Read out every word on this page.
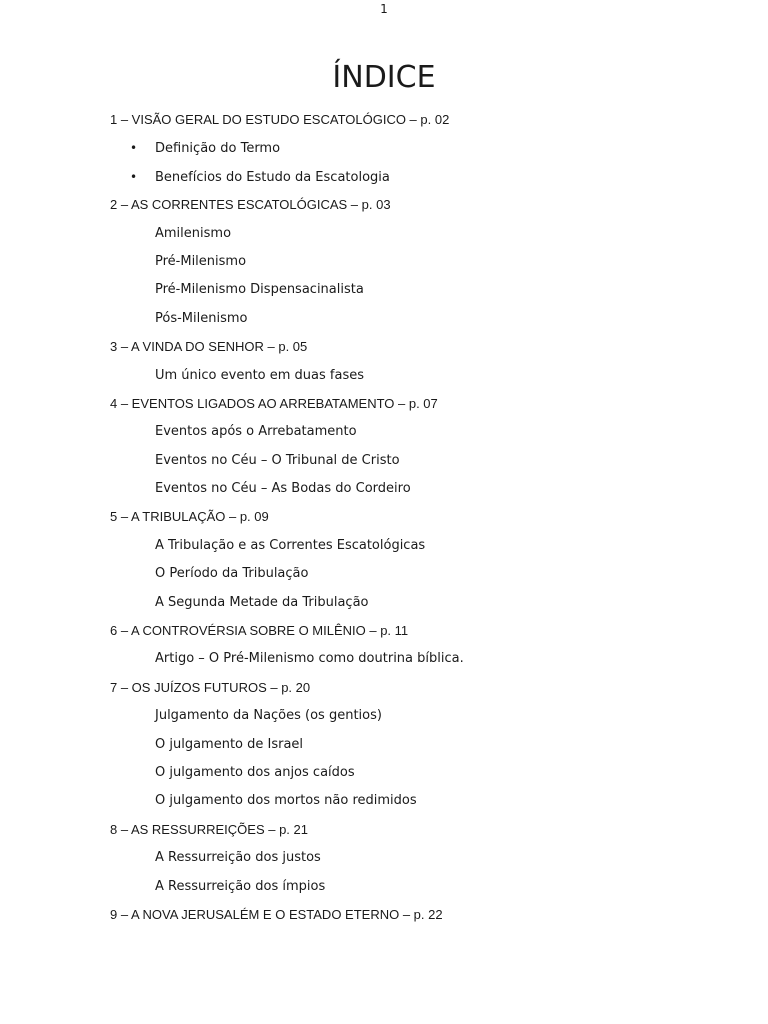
1
ÍNDICE
1 – VISÃO GERAL DO ESTUDO ESCATOLÓGICO – p. 02
• Definição do Termo
• Benefícios do Estudo da Escatologia
2 – AS CORRENTES ESCATOLÓGICAS – p. 03
Amilenismo
Pré-Milenismo
Pré-Milenismo Dispensacinalista
Pós-Milenismo
3 – A VINDA DO SENHOR – p. 05
Um único evento em duas fases
4 – EVENTOS LIGADOS AO ARREBATAMENTO – p. 07
Eventos após o Arrebatamento
Eventos no Céu – O Tribunal de Cristo
Eventos no Céu – As Bodas do Cordeiro
5 – A TRIBULAÇÃO – p. 09
A Tribulação e as Correntes Escatológicas
O Período da Tribulação
A Segunda Metade da Tribulação
6 – A CONTROVÉRSIA SOBRE O MILÊNIO – p. 11
Artigo – O Pré-Milenismo como doutrina bíblica.
7 – OS JUÍZOS FUTUROS – p. 20
Julgamento da Nações (os gentios)
O julgamento de Israel
O julgamento dos anjos caídos
O julgamento dos mortos não redimidos
8 – AS RESSURREIÇÕES – p. 21
A Ressurreição dos justos
A Ressurreição dos ímpios
9 – A NOVA JERUSALÉM E O ESTADO ETERNO – p. 22
